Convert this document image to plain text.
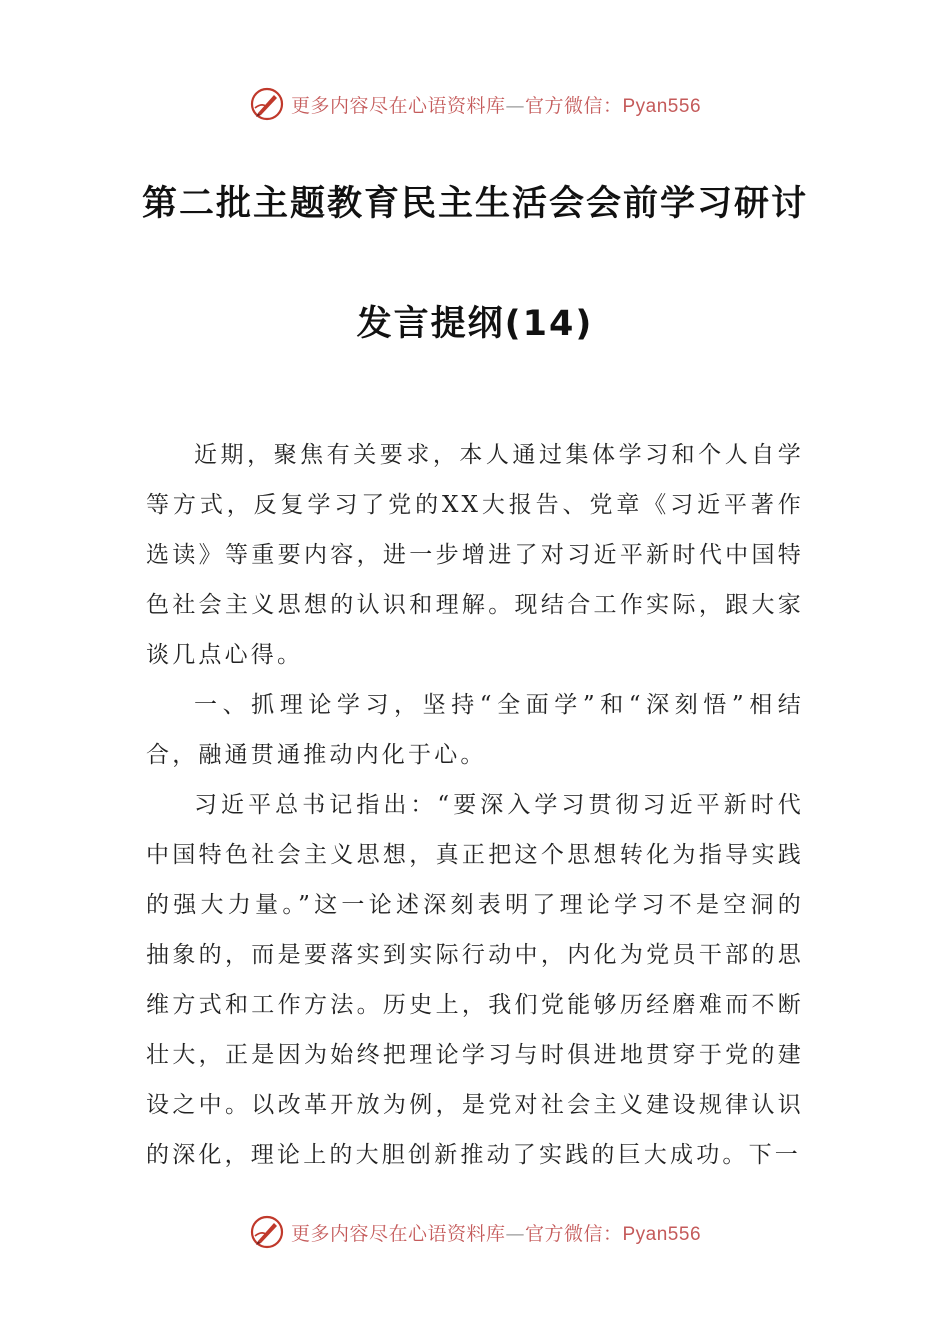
更多内容尽在心语资料库—官方微信：Pyan556
第二批主题教育民主生活会会前学习研讨
发言提纲(14)

近期，聚焦有关要求，本人通过集体学习和个人自学等方式，反复学习了党的XX大报告、党章《习近平著作选读》等重要内容，进一步增进了对习近平新时代中国特色社会主义思想的认识和理解。现结合工作实际，跟大家谈几点心得。

一、抓理论学习，坚持“全面学”和“深刻悟”相结合，融通贯通推动内化于心。

习近平总书记指出：“要深入学习贯彻习近平新时代中国特色社会主义思想，真正把这个思想转化为指导实践的强大力量。”这一论述深刻表明了理论学习不是空洞的抽象的，而是要落实到实际行动中，内化为党员干部的思维方式和工作方法。历史上，我们党能够历经磨难而不断壮大，正是因为始终把理论学习与时俱进地贯穿于党的建设之中。以改革开放为例，是党对社会主义建设规律认识的深化，理论上的大胆创新推动了实践的巨大成功。下一

更多内容尽在心语资料库—官方微信：Pyan556
